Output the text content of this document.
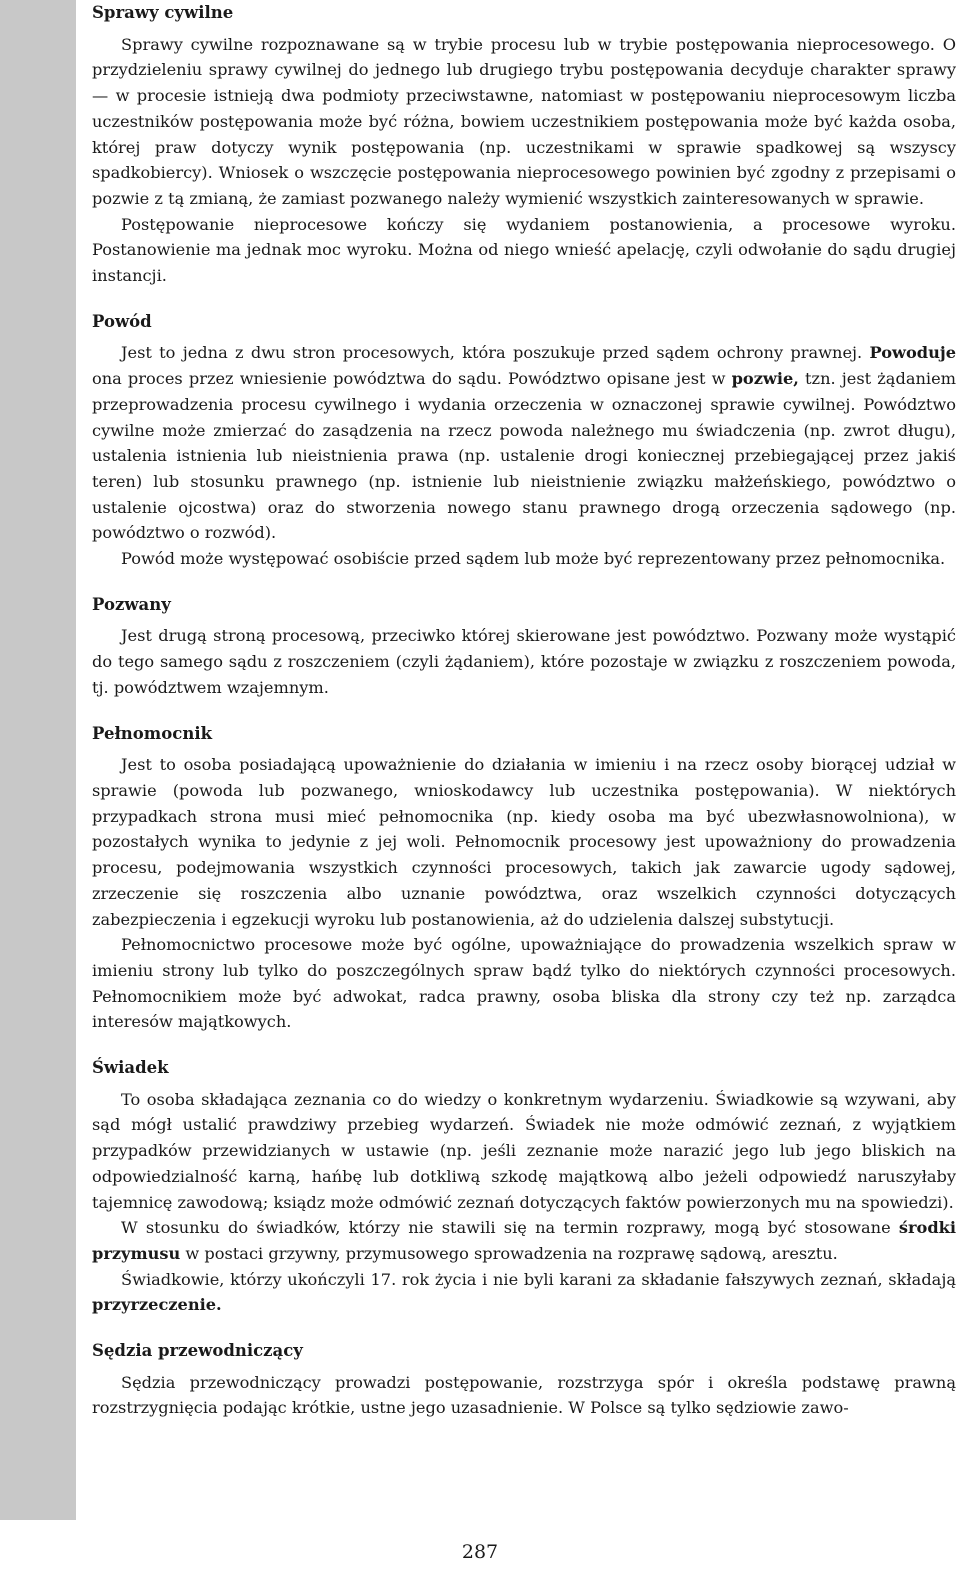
Sprawy cywilne

Sprawy cywilne rozpoznawane są w trybie procesu lub w trybie postępowania nieprocesowego. O przydzieleniu sprawy cywilnej do jednego lub drugiego trybu postępowania decyduje charakter sprawy — w procesie istnieją dwa podmioty przeciwstawne, natomiast w postępowaniu nieprocesowym liczba uczestników postępowania może być różna, bowiem uczestnikiem postępowania może być każda osoba, której praw dotyczy wynik postępowania (np. uczestnikami w sprawie spadkowej są wszyscy spadkobiercy). Wniosek o wszczęcie postępowania nieprocesowego powinien być zgodny z przepisami o pozwie z tą zmianą, że zamiast pozwanego należy wymienić wszystkich zainteresowanych w sprawie.

Postępowanie nieprocesowe kończy się wydaniem postanowienia, a procesowe wyroku. Postanowienie ma jednak moc wyroku. Można od niego wnieść apelację, czyli odwołanie do sądu drugiej instancji.

Powód

Jest to jedna z dwu stron procesowych, która poszukuje przed sądem ochrony prawnej. Powoduje ona proces przez wniesienie powództwa do sądu. Powództwo opisane jest w pozwie, tzn. jest żądaniem przeprowadzenia procesu cywilnego i wydania orzeczenia w oznaczonej sprawie cywilnej. Powództwo cywilne może zmierzać do zasądzenia na rzecz powoda należnego mu świadczenia (np. zwrot długu), ustalenia istnienia lub nieistnienia prawa (np. ustalenie drogi koniecznej przebiegającej przez jakiś teren) lub stosunku prawnego (np. istnienie lub nieistnienie związku małżeńskiego, powództwo o ustalenie ojcostwa) oraz do stworzenia nowego stanu prawnego drogą orzeczenia sądowego (np. powództwo o rozwód).

Powód może występować osobiście przed sądem lub może być reprezentowany przez pełnomocnika.

Pozwany

Jest drugą stroną procesową, przeciwko której skierowane jest powództwo. Pozwany może wystąpić do tego samego sądu z roszczeniem (czyli żądaniem), które pozostaje w związku z roszczeniem powoda, tj. powództwem wzajemnym.

Pełnomocnik

Jest to osoba posiadającą upoważnienie do działania w imieniu i na rzecz osoby biorącej udział w sprawie (powoda lub pozwanego, wnioskodawcy lub uczestnika postępowania). W niektórych przypadkach strona musi mieć pełnomocnika (np. kiedy osoba ma być ubezwłasnowolniona), w pozostałych wynika to jedynie z jej woli. Pełnomocnik procesowy jest upoważniony do prowadzenia procesu, podejmowania wszystkich czynności procesowych, takich jak zawarcie ugody sądowej, zrzeczenie się roszczenia albo uznanie powództwa, oraz wszelkich czynności dotyczących zabezpieczenia i egzekucji wyroku lub postanowienia, aż do udzielenia dalszej substytucji.

Pełnomocnictwo procesowe może być ogólne, upoważniające do prowadzenia wszelkich spraw w imieniu strony lub tylko do poszczególnych spraw bądź tylko do niektórych czynności procesowych. Pełnomocnikiem może być adwokat, radca prawny, osoba bliska dla strony czy też np. zarządca interesów majątkowych.

Świadek

To osoba składająca zeznania co do wiedzy o konkretnym wydarzeniu. Świadkowie są wzywani, aby sąd mógł ustalić prawdziwy przebieg wydarzeń. Świadek nie może odmówić zeznań, z wyjątkiem przypadków przewidzianych w ustawie (np. jeśli zeznanie może narazić jego lub jego bliskich na odpowiedzialność karną, hańbę lub dotkliwą szkodę majątkową albo jeżeli odpowiedź naruszyłaby tajemnicę zawodową; ksiądz może odmówić zeznań dotyczących faktów powierzonych mu na spowiedzi).

W stosunku do świadków, którzy nie stawili się na termin rozprawy, mogą być stosowane środki przymusu w postaci grzywny, przymusowego sprowadzenia na rozprawę sądową, aresztu.

Świadkowie, którzy ukończyli 17. rok życia i nie byli karani za składanie fałszywych zeznań, składają przyrzeczenie.

Sędzia przewodniczący

Sędzia przewodniczący prowadzi postępowanie, rozstrzyga spór i określa podstawę prawną rozstrzygnięcia podając krótkie, ustne jego uzasadnienie. W Polsce są tylko sędziowie zawo-

287
